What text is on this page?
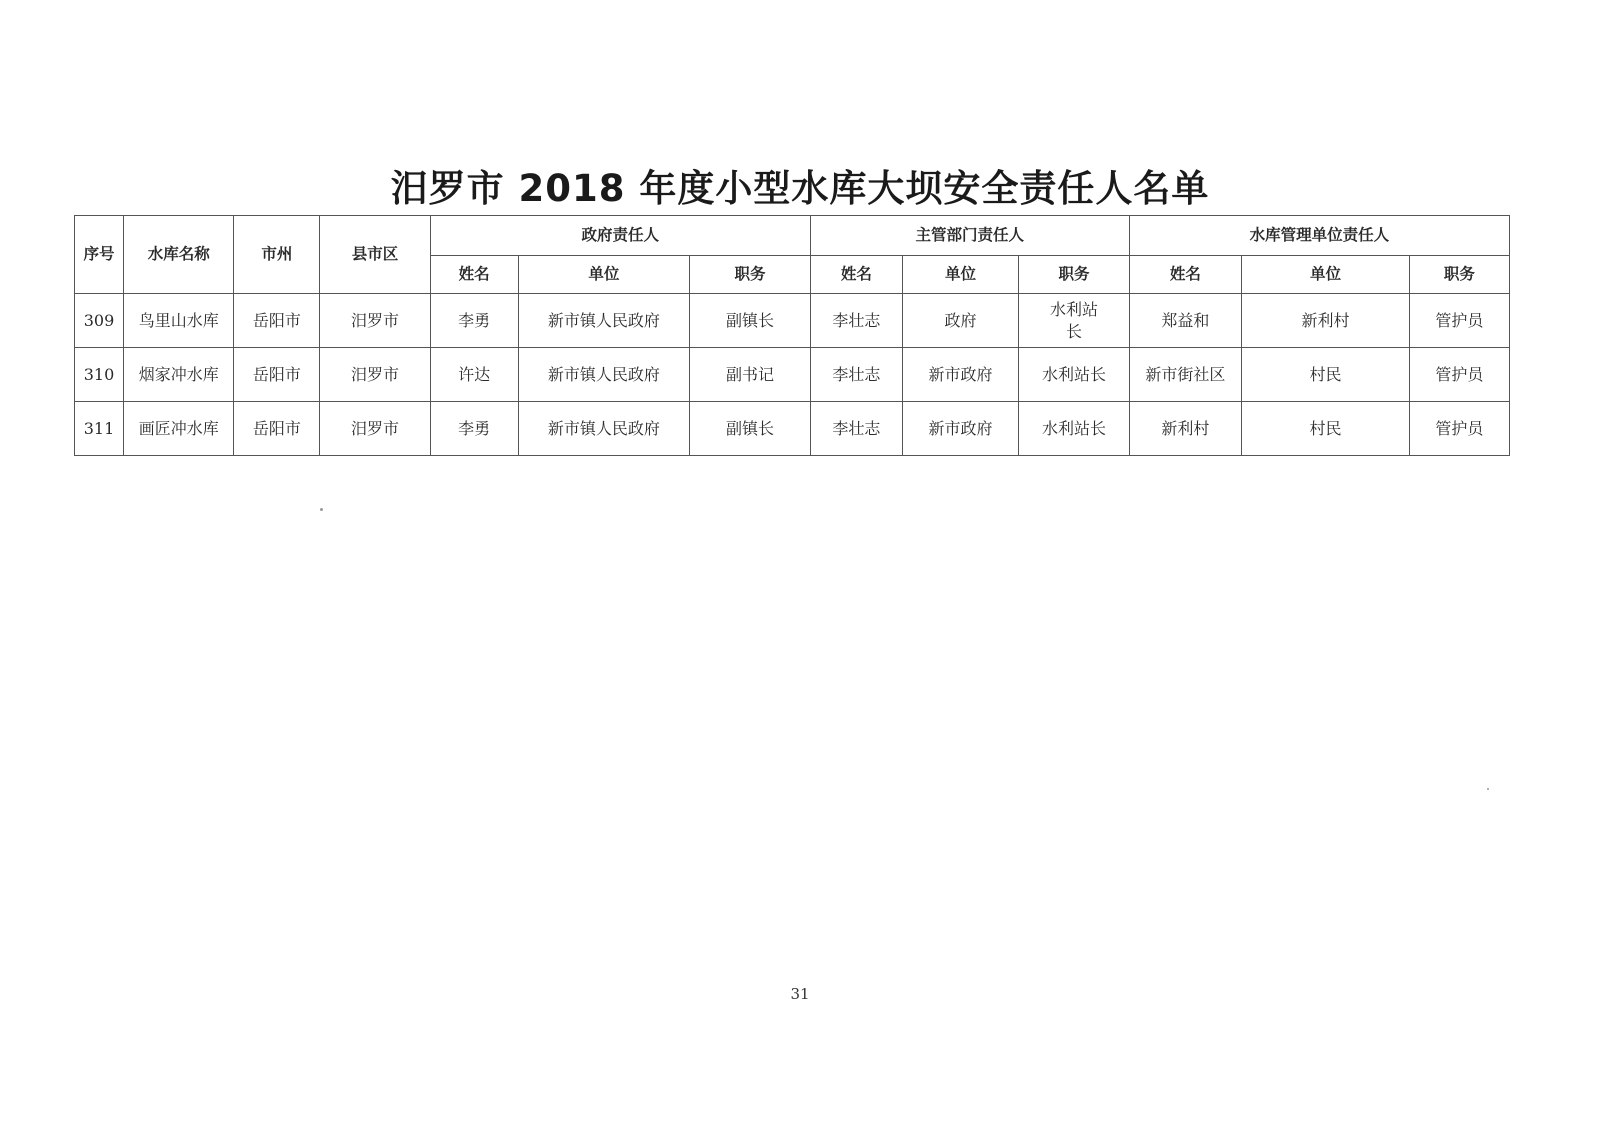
汨罗市 2018 年度小型水库大坝安全责任人名单
序号	水库名称	市州	县市区	政府责任人			主管部门责任人			水库管理单位责任人		
				姓名	单位	职务	姓名	单位	职务	姓名	单位	职务
309	鸟里山水库	岳阳市	汨罗市	李勇	新市镇人民政府	副镇长	李壮志	政府	水利站长	郑益和	新利村	管护员
310	烟家冲水库	岳阳市	汨罗市	许达	新市镇人民政府	副书记	李壮志	新市政府	水利站长	新市街社区	村民	管护员
311	画匠冲水库	岳阳市	汨罗市	李勇	新市镇人民政府	副镇长	李壮志	新市政府	水利站长	新利村	村民	管护员
31
